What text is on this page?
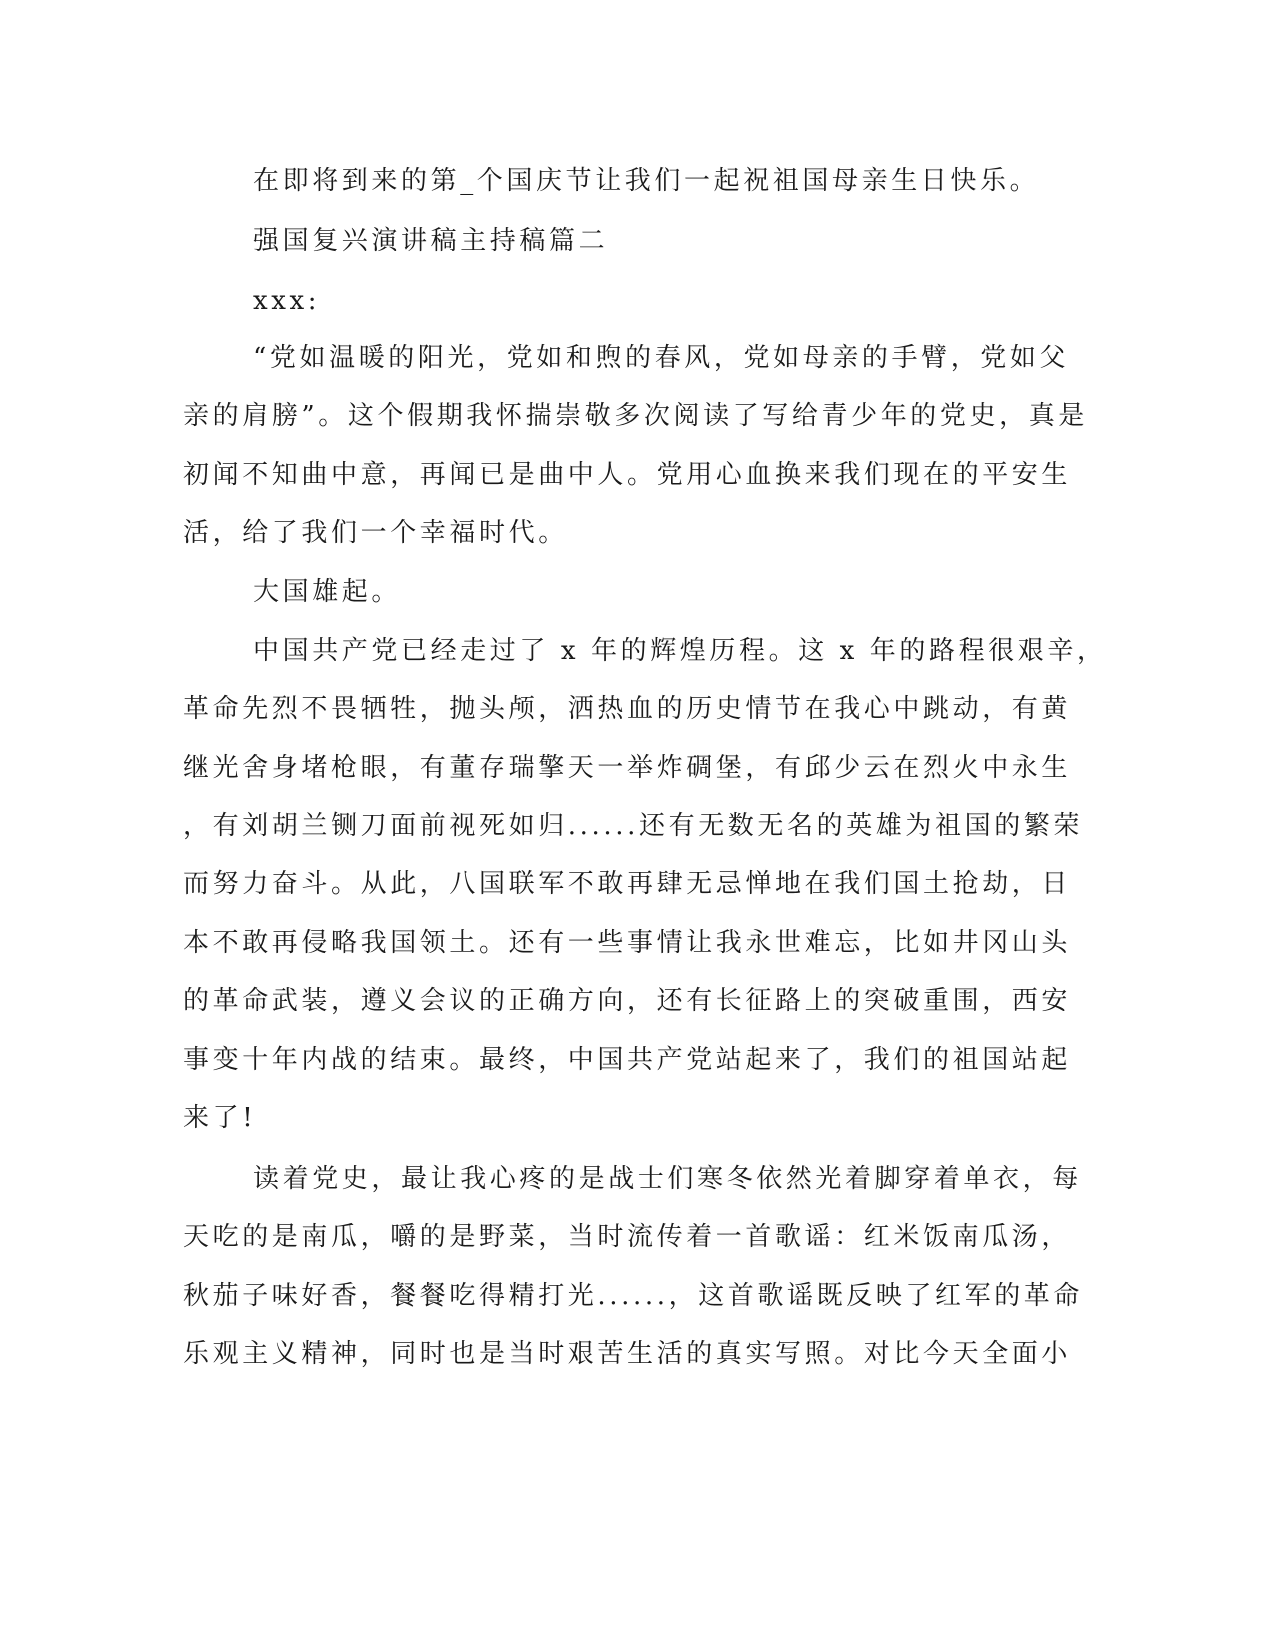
在即将到来的第_个国庆节让我们一起祝祖国母亲生日快乐。
强国复兴演讲稿主持稿篇二
xxx:
“党如温暖的阳光，党如和煦的春风，党如母亲的手臂，党如父
亲的肩膀”。这个假期我怀揣崇敬多次阅读了写给青少年的党史，真是
初闻不知曲中意，再闻已是曲中人。党用心血换来我们现在的平安生
活，给了我们一个幸福时代。
大国雄起。
中国共产党已经走过了 x 年的辉煌历程。这 x 年的路程很艰辛，
革命先烈不畏牺牲，抛头颅，洒热血的历史情节在我心中跳动，有黄
继光舍身堵枪眼，有董存瑞擎天一举炸碉堡，有邱少云在烈火中永生
，有刘胡兰铡刀面前视死如归......还有无数无名的英雄为祖国的繁荣
而努力奋斗。从此，八国联军不敢再肆无忌惮地在我们国土抢劫，日
本不敢再侵略我国领土。还有一些事情让我永世难忘，比如井冈山头
的革命武装，遵义会议的正确方向，还有长征路上的突破重围，西安
事变十年内战的结束。最终，中国共产党站起来了，我们的祖国站起
来了!
读着党史，最让我心疼的是战士们寒冬依然光着脚穿着单衣，每
天吃的是南瓜，嚼的是野菜，当时流传着一首歌谣：红米饭南瓜汤，
秋茄子味好香，餐餐吃得精打光......，这首歌谣既反映了红军的革命
乐观主义精神，同时也是当时艰苦生活的真实写照。对比今天全面小
